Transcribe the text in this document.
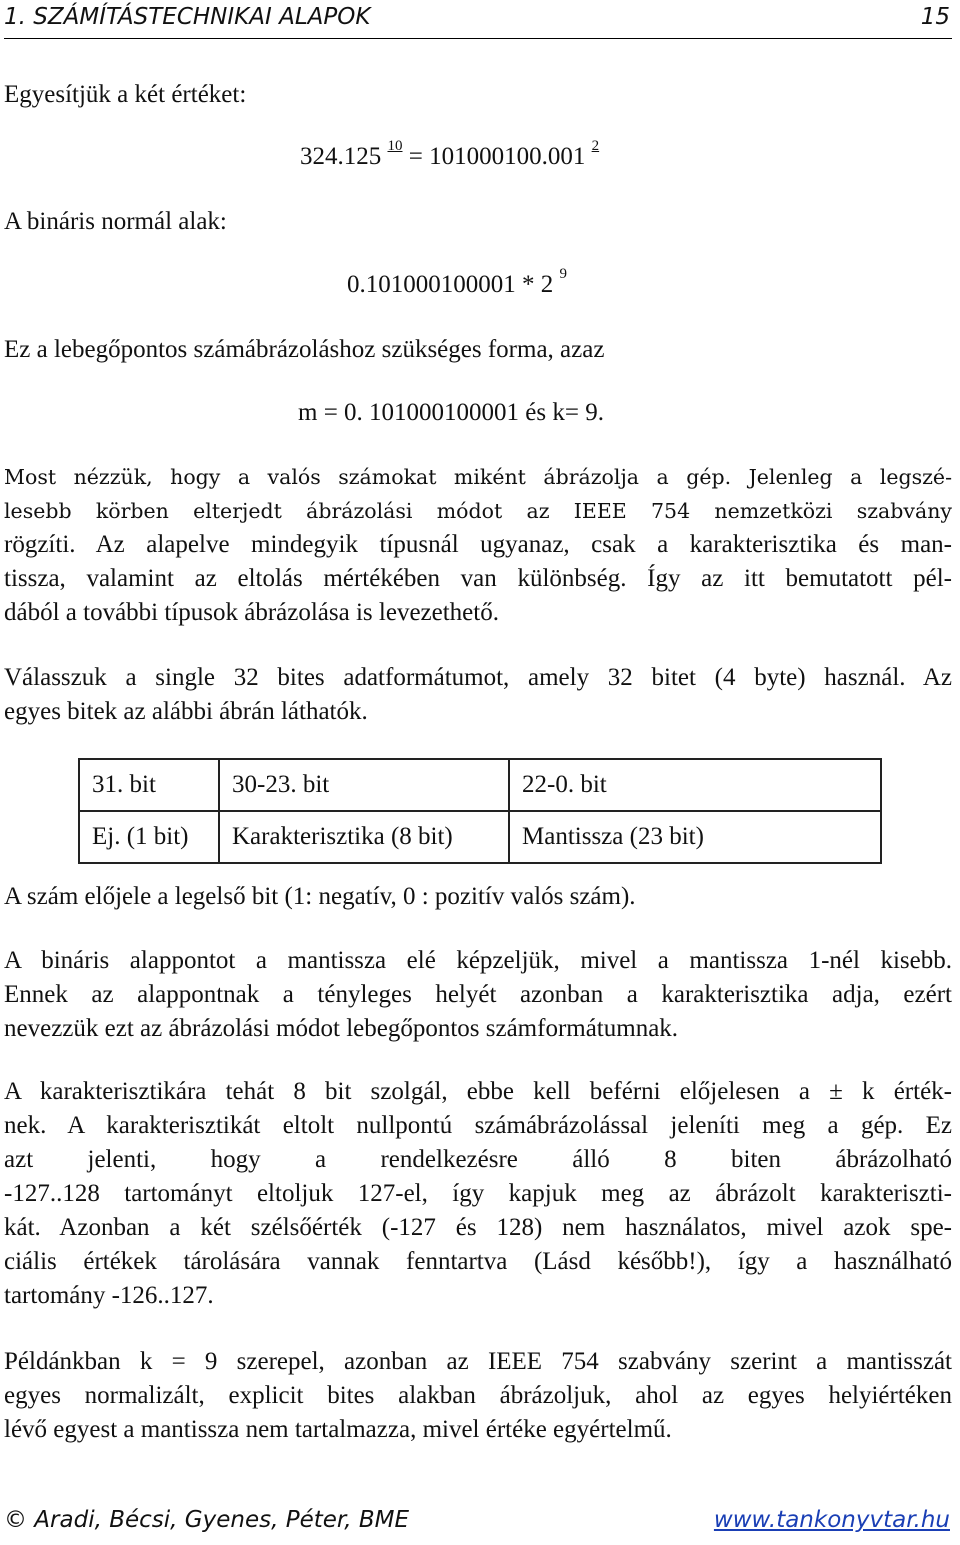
1. SZÁMÍTÁSTECHNIKAI ALAPOK	15
Egyesítjük a két értéket:
324.125 $^{10}$ = 101000100.001 $^2$
A bináris normál alak:
0.101000100001 * 2 $^9$
Ez a lebegőpontos számábrázoláshoz szükséges forma, azaz
m = 0. 101000100001 és k= 9.
Most nézzük, hogy a valós számokat miként ábrázolja a gép. Jelenleg a legszé-
lesebb körben elterjedt ábrázolási módot az IEEE 754 nemzetközi szabvány
rögzíti. Az alapelve mindegyik típusnál ugyanaz, csak a karakterisztika és man-
tissza, valamint az eltolás mértékében van különbség. Így az itt bemutatott pél-
dából a további típusok ábrázolása is levezethető.
Válasszuk a single 32 bites adatformátumot, amely 32 bitet (4 byte) használ. Az
egyes bitek az alábbi ábrán láthatók.
31. bit	30-23. bit	22-0. bit
Ej. (1 bit)	Karakterisztika (8 bit)	Mantissza (23 bit)
A szám előjele a legelső bit (1: negatív, 0 : pozitív valós szám).
A bináris alappontot a mantissza elé képzeljük, mivel a mantissza 1-nél kisebb.
Ennek az alappontnak a tényleges helyét azonban a karakterisztika adja, ezért
nevezzük ezt az ábrázolási módot lebegőpontos számformátumnak.
A karakterisztikára tehát 8 bit szolgál, ebbe kell beférni előjelesen a ± k érték-
nek. A karakterisztikát eltolt nullpontú számábrázolással jeleníti meg a gép. Ez
azt jelenti, hogy a rendelkezésre álló 8 biten ábrázolható
-127..128 tartományt eltoljuk 127-el, így kapjuk meg az ábrázolt karakteriszti-
kát. Azonban a két szélsőérték (-127 és 128) nem használatos, mivel azok spe-
ciális értékek tárolására vannak fenntartva (Lásd később!), így a használható
tartomány -126..127.
Példánkban k = 9 szerepel, azonban az IEEE 754 szabvány szerint a mantisszát
egyes normalizált, explicit bites alakban ábrázoljuk, ahol az egyes helyiértéken
lévő egyest a mantissza nem tartalmazza, mivel értéke egyértelmű.
© Aradi, Bécsi, Gyenes, Péter, BME	www.tankonyvtar.hu
